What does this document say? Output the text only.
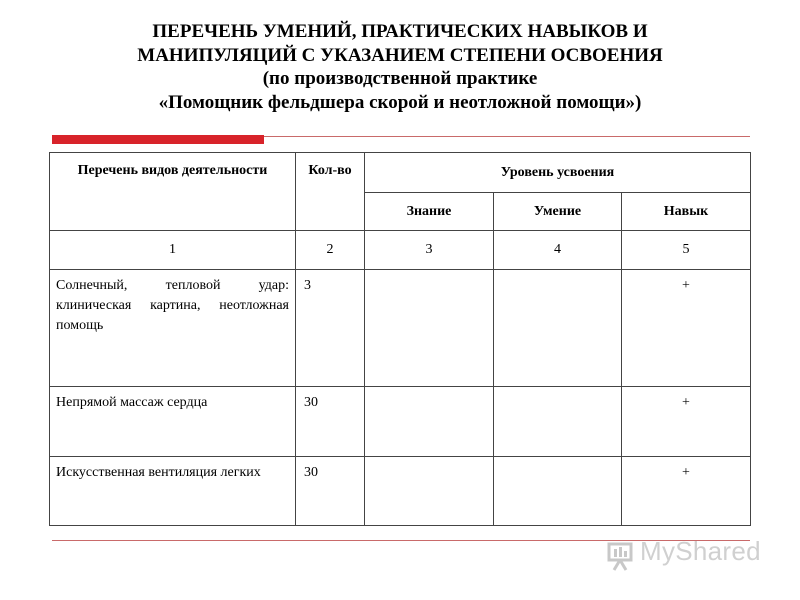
ПЕРЕЧЕНЬ УМЕНИЙ, ПРАКТИЧЕСКИХ НАВЫКОВ И
МАНИПУЛЯЦИЙ С УКАЗАНИЕМ СТЕПЕНИ ОСВОЕНИЯ
(по производственной практике
«Помощник фельдшера скорой и неотложной помощи»)
Перечень видов деятельности	Кол-во	Уровень усвоения		
		Знание	Умение	Навык
1	2	3	4	5
Солнечный, тепловой удар: клиническая картина, неотложная помощь	3			+
Непрямой массаж сердца	30			+
Искусственная вентиляция легких	30			+
MyShared
